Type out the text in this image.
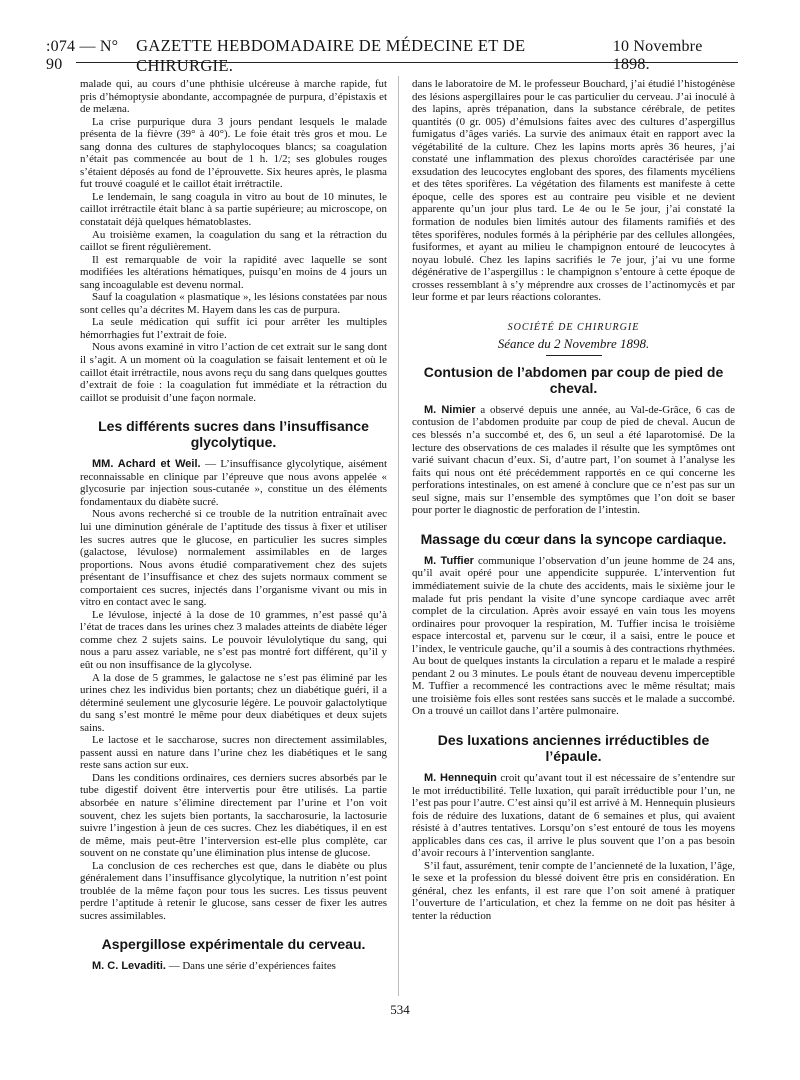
:074 — N° 90
GAZETTE HEBDOMADAIRE DE MÉDECINE ET DE CHIRURGIE.
10 Novembre 1898.

malade qui, au cours d’une phthisie ulcéreuse à marche rapide, fut pris d’hémoptysie abondante, accompagnée de purpura, d’épistaxis et de melæna.

La crise purpurique dura 3 jours pendant lesquels le malade présenta de la fièvre (39° à 40°). Le foie était très gros et mou. Le sang donna des cultures de staphylocoques blancs; sa coagulation n’était pas commencée au bout de 1 h. 1/2; ses globules rouges s’étaient déposés au fond de l’éprouvette. Six heures après, le plasma fut trouvé coagulé et le caillot était irrétractile.

Le lendemain, le sang coagula in vitro au bout de 10 minutes, le caillot irrétractile était blanc à sa partie supérieure; au microscope, on constatait déjà quelques hématoblastes.

Au troisième examen, la coagulation du sang et la rétraction du caillot se firent régulièrement.

Il est remarquable de voir la rapidité avec laquelle se sont modifiées les altérations hématiques, puisqu’en moins de 4 jours un sang incoagulable est devenu normal.

Sauf la coagulation « plasmatique », les lésions constatées par nous sont celles qu’a décrites M. Hayem dans les cas de purpura.

La seule médication qui suffit ici pour arrêter les multiples hémorrhagies fut l’extrait de foie.

Nous avons examiné in vitro l’action de cet extrait sur le sang dont il s’agit. A un moment où la coagulation se faisait lentement et où le caillot était irrétractile, nous avons reçu du sang dans quelques gouttes d’extrait de foie : la coagulation fut immédiate et la rétraction du caillot se produisit d’une façon normale.

Les différents sucres dans l’insuffisance glycolytique.

MM. Achard et Weil. — L’insuffisance glycolytique, aisément reconnaissable en clinique par l’épreuve que nous avons appelée « glycosurie par injection sous-cutanée », constitue un des éléments fondamentaux du diabète sucré.

Nous avons recherché si ce trouble de la nutrition entraînait avec lui une diminution générale de l’aptitude des tissus à fixer et utiliser les sucres autres que le glucose, en particulier les sucres simples (galactose, lévulose) normalement assimilables en de larges proportions. Nous avons étudié comparativement chez des sujets présentant de l’insuffisance et chez des sujets normaux comment se comportaient ces sucres, injectés dans l’organisme vivant ou mis in vitro en contact avec le sang.

Le lévulose, injecté à la dose de 10 grammes, n’est passé qu’à l’état de traces dans les urines chez 3 malades atteints de diabète léger comme chez 2 sujets sains. Le pouvoir lévulolytique du sang, qui nous a paru assez variable, ne s’est pas montré fort différent, qu’il y eût ou non insuffisance de la glycolyse.

A la dose de 5 grammes, le galactose ne s’est pas éliminé par les urines chez les individus bien portants; chez un diabétique guéri, il a déterminé seulement une glycosurie légère. Le pouvoir galactolytique du sang s’est montré le même pour deux diabétiques et deux sujets sains.

Le lactose et le saccharose, sucres non directement assimilables, passent aussi en nature dans l’urine chez les diabétiques et le sang reste sans action sur eux.

Dans les conditions ordinaires, ces derniers sucres absorbés par le tube digestif doivent être intervertis pour être utilisés. La partie absorbée en nature s’élimine directement par l’urine et l’on voit souvent, chez les sujets bien portants, la saccharosurie, la lactosurie suivre l’ingestion à jeun de ces sucres. Chez les diabétiques, il en est de même, mais peut-être l’interversion est-elle plus complète, car souvent on ne constate qu’une élimination plus intense de glucose.

La conclusion de ces recherches est que, dans le diabète ou plus généralement dans l’insuffisance glycolytique, la nutrition n’est point troublée de la même façon pour tous les sucres. Les tissus peuvent perdre l’aptitude à retenir le glucose, sans cesser de fixer les autres sucres assimilables.

Aspergillose expérimentale du cerveau.

M. C. Levaditi. — Dans une série d’expériences faites

dans le laboratoire de M. le professeur Bouchard, j’ai étudié l’histogénèse des lésions aspergillaires pour le cas particulier du cerveau. J’ai inoculé à des lapins, après trépanation, dans la substance cérébrale, de petites quantités (0 gr. 005) d’émulsions faites avec des cultures d’aspergillus fumigatus d’âges variés. La survie des animaux était en rapport avec la végétabilité de la culture. Chez les lapins morts après 36 heures, j’ai constaté une inflammation des plexus choroïdes caractérisée par une exsudation des leucocytes englobant des spores, des filaments mycéliens et des têtes sporifères. La végétation des filaments est manifeste à cette époque, celle des spores est au contraire peu visible et ne devient apparente qu’un jour plus tard. Le 4e ou le 5e jour, j’ai constaté la formation de nodules bien limités autour des filaments ramifiés et des têtes sporifères, nodules formés à la périphérie par des cellules allongées, fusiformes, et ayant au milieu le champignon entouré de leucocytes à noyau lobulé. Chez les lapins sacrifiés le 7e jour, j’ai vu une forme dégénérative de l’aspergillus : le champignon s’entoure à cette époque de crosses ressemblant à s’y méprendre aux crosses de l’actinomycès et par leur forme et par leurs réactions colorantes.

SOCIÉTÉ DE CHIRURGIE
Séance du 2 Novembre 1898.
Contusion de l’abdomen par coup de pied de cheval.

M. Nimier a observé depuis une année, au Val-de-Grâce, 6 cas de contusion de l’abdomen produite par coup de pied de cheval. Aucun de ces blessés n’a succombé et, des 6, un seul a été laparotomisé. De la lecture des observations de ces malades il résulte que les symptômes ont varié suivant chacun d’eux. Si, d’autre part, l’on soumet à l’analyse les faits qui nous ont été précédemment rapportés en ce qui concerne les perforations intestinales, on est amené à conclure que ce n’est pas sur un seul signe, mais sur l’ensemble des symptômes que l’on doit se baser pour porter le diagnostic de perforation de l’intestin.

Massage du cœur dans la syncope cardiaque.

M. Tuffier communique l’observation d’un jeune homme de 24 ans, qu’il avait opéré pour une appendicite suppurée. L’intervention fut immédiatement suivie de la chute des accidents, mais le sixième jour le malade fut pris pendant la visite d’une syncope cardiaque avec arrêt complet de la circulation. Après avoir essayé en vain tous les moyens ordinaires pour provoquer la respiration, M. Tuffier incisa le troisième espace intercostal et, parvenu sur le cœur, il a saisi, entre le pouce et l’index, le ventricule gauche, qu’il a soumis à des contractions rhythmées. Au bout de quelques instants la circulation a reparu et le malade a respiré pendant 2 ou 3 minutes. Le pouls étant de nouveau devenu imperceptible M. Tuffier a recommencé les contractions avec le même résultat; mais une troisième fois elles sont restées sans succès et le malade a succombé. On a trouvé un caillot dans l’artère pulmonaire.

Des luxations anciennes irréductibles de l’épaule.

M. Hennequin croit qu’avant tout il est nécessaire de s’entendre sur le mot irréductibilité. Telle luxation, qui paraît irréductible pour l’un, ne l’est pas pour l’autre. C’est ainsi qu’il est arrivé à M. Hennequin plusieurs fois de réduire des luxations, datant de 6 semaines et plus, qui avaient résisté à d’autres tentatives. Lorsqu’on s’est entouré de tous les moyens applicables dans ces cas, il arrive le plus souvent que l’on a pas besoin d’avoir recours à l’intervention sanglante.

S’il faut, assurément, tenir compte de l’ancienneté de la luxation, l’âge, le sexe et la profession du blessé doivent être pris en considération. En général, chez les enfants, il est rare que l’on soit amené à pratiquer l’ouverture de l’articulation, et chez la femme on ne doit pas hésiter à tenter la réduction

534
